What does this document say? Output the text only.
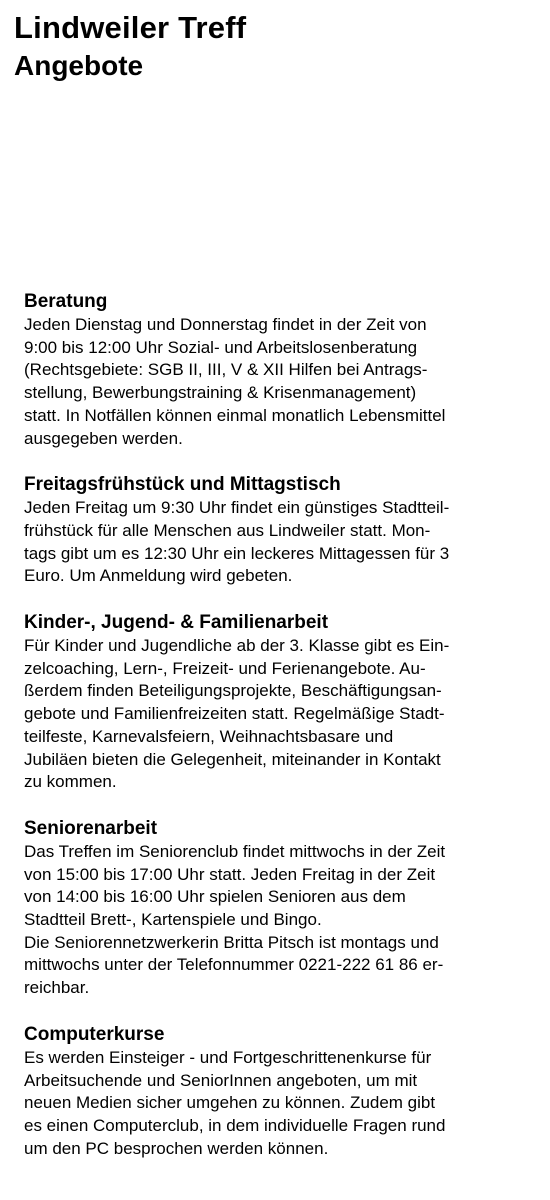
Lindweiler Treff
Angebote
Beratung

Jeden Dienstag und Donnerstag findet in der Zeit von

9:00 bis 12:00 Uhr Sozial- und Arbeitslosenberatung

(Rechtsgebiete: SGB II, III, V & XII Hilfen bei Antrags-

stellung, Bewerbungstraining & Krisenmanagement)

statt. In Notfällen können einmal monatlich Lebensmittel

ausgegeben werden.

Freitagsfrühstück und Mittagstisch

Jeden Freitag um 9:30 Uhr findet ein günstiges Stadtteil-

frühstück für alle Menschen aus Lindweiler statt. Mon-

tags gibt um es 12:30 Uhr ein leckeres Mittagessen für 3

Euro. Um Anmeldung wird gebeten.

Kinder-, Jugend- & Familienarbeit

Für Kinder und Jugendliche ab der 3. Klasse gibt es Ein-

zelcoaching, Lern-, Freizeit- und Ferienangebote. Au-

ßerdem finden Beteiligungsprojekte, Beschäftigungsan-

gebote und Familienfreizeiten statt. Regelmäßige Stadt-

teilfeste, Karnevalsfeiern, Weihnachtsbasare und

Jubiläen bieten die Gelegenheit, miteinander in Kontakt

zu kommen.

Seniorenarbeit

Das Treffen im Seniorenclub findet mittwochs in der Zeit

von 15:00 bis 17:00 Uhr statt. Jeden Freitag in der Zeit

von 14:00 bis 16:00 Uhr spielen Senioren aus dem

Stadtteil Brett-, Kartenspiele und Bingo.

Die Seniorennetzwerkerin Britta Pitsch ist montags und

mittwochs unter der Telefonnummer 0221-222 61 86 er-

reichbar.

Computerkurse

Es werden Einsteiger - und Fortgeschrittenenkurse für

Arbeitsuchende und SeniorInnen angeboten, um mit

neuen Medien sicher umgehen zu können. Zudem gibt

es einen Computerclub, in dem individuelle Fragen rund

um den PC besprochen werden können.
